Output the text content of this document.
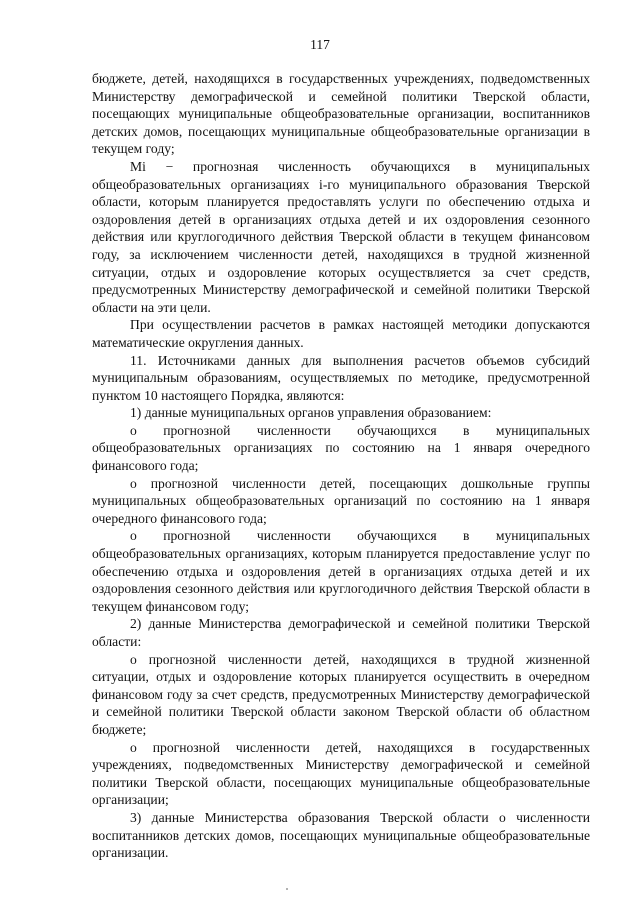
117

бюджете, детей, находящихся в государственных учреждениях, подведомственных Министерству демографической и семейной политики Тверской области, посещающих муниципальные общеобразовательные организации, воспитанников детских домов, посещающих муниципальные общеобразовательные организации в текущем году;

Mi − прогнозная численность обучающихся в муниципальных общеобразовательных организациях i-го муниципального образования Тверской области, которым планируется предоставлять услуги по обеспечению отдыха и оздоровления детей в организациях отдыха детей и их оздоровления сезонного действия или круглогодичного действия Тверской области в текущем финансовом году, за исключением численности детей, находящихся в трудной жизненной ситуации, отдых и оздоровление которых осуществляется за счет средств, предусмотренных Министерству демографической и семейной политики Тверской области на эти цели.

При осуществлении расчетов в рамках настоящей методики допускаются математические округления данных.

11. Источниками данных для выполнения расчетов объемов субсидий муниципальным образованиям, осуществляемых по методике, предусмотренной пунктом 10 настоящего Порядка, являются:

1) данные муниципальных органов управления образованием:

о прогнозной численности обучающихся в муниципальных общеобразовательных организациях по состоянию на 1 января очередного финансового года;

о прогнозной численности детей, посещающих дошкольные группы муниципальных общеобразовательных организаций по состоянию на 1 января очередного финансового года;

о прогнозной численности обучающихся в муниципальных общеобразовательных организациях, которым планируется предоставление услуг по обеспечению отдыха и оздоровления детей в организациях отдыха детей и их оздоровления сезонного действия или круглогодичного действия Тверской области в текущем финансовом году;

2) данные Министерства демографической и семейной политики Тверской области:

о прогнозной численности детей, находящихся в трудной жизненной ситуации, отдых и оздоровление которых планируется осуществить в очередном финансовом году за счет средств, предусмотренных Министерству демографической и семейной политики Тверской области законом Тверской области об областном бюджете;

о прогнозной численности детей, находящихся в государственных учреждениях, подведомственных Министерству демографической и семейной политики Тверской области, посещающих муниципальные общеобразовательные организации;

3) данные Министерства образования Тверской области о численности воспитанников детских домов, посещающих муниципальные общеобразовательные организации.
